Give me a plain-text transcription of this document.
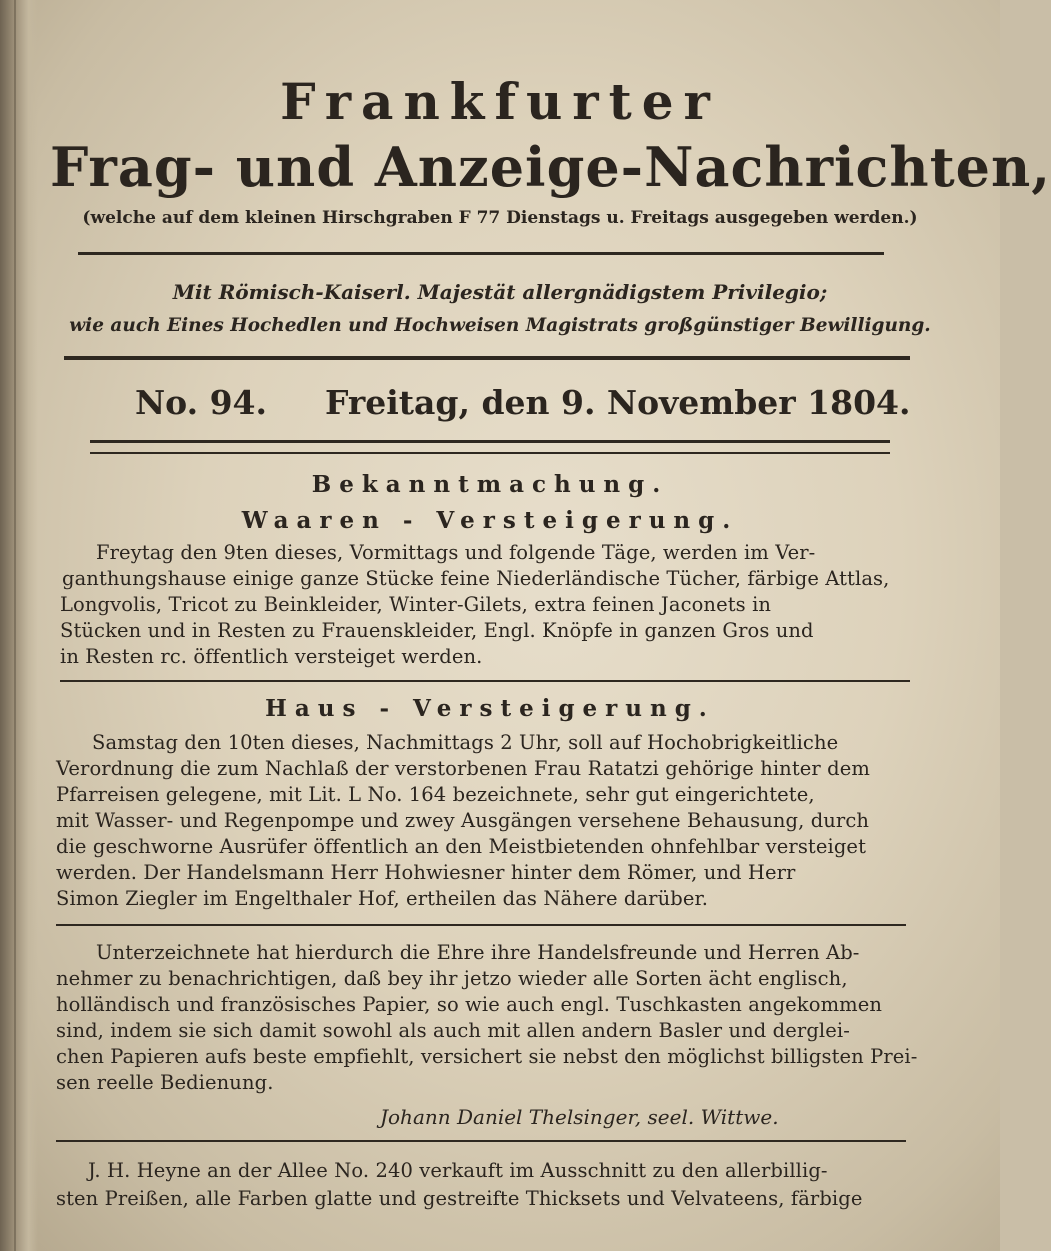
Frankfurter
Frag- und Anzeige-Nachrichten,
(welche auf dem kleinen Hirschgraben F 77 Dienstags u. Freitags ausgegeben werden.)
Mit Römisch-Kaiserl. Majestät allergnädigstem Privilegio;
wie auch Eines Hochedlen und Hochweisen Magistrats großgünstiger Bewilligung.
No. 94.	Freitag, den 9. November 1804.
Bekanntmachung.
Waaren - Versteigerung.
Freytag den 9ten dieses, Vormittags und folgende Täge, werden im Ver-
ganthungshause einige ganze Stücke feine Niederländische Tücher, färbige Attlas,
Longvolis, Tricot zu Beinkleider, Winter-Gilets, extra feinen Jaconets in
Stücken und in Resten zu Frauenskleider, Engl. Knöpfe in ganzen Gros und
in Resten rc. öffentlich versteiget werden.
Haus - Versteigerung.
Samstag den 10ten dieses, Nachmittags 2 Uhr, soll auf Hochobrigkeitliche
Verordnung die zum Nachlaß der verstorbenen Frau Ratatzi gehörige hinter dem
Pfarreisen gelegene, mit Lit. L No. 164 bezeichnete, sehr gut eingerichtete,
mit Wasser- und Regenpompe und zwey Ausgängen versehene Behausung, durch
die geschworne Ausrüfer öffentlich an den Meistbietenden ohnfehlbar versteiget
werden. Der Handelsmann Herr Hohwiesner hinter dem Römer, und Herr
Simon Ziegler im Engelthaler Hof, ertheilen das Nähere darüber.
Unterzeichnete hat hierdurch die Ehre ihre Handelsfreunde und Herren Ab-
nehmer zu benachrichtigen, daß bey ihr jetzo wieder alle Sorten ächt englisch,
holländisch und französisches Papier, so wie auch engl. Tuschkasten angekommen
sind, indem sie sich damit sowohl als auch mit allen andern Basler und derglei-
chen Papieren aufs beste empfiehlt, versichert sie nebst den möglichst billigsten Prei-
sen reelle Bedienung.
Johann Daniel Thelsinger, seel. Wittwe.
J. H. Heyne an der Allee No. 240 verkauft im Ausschnitt zu den allerbillig-
sten Preißen, alle Farben glatte und gestreifte Thicksets und Velvateens, färbige
